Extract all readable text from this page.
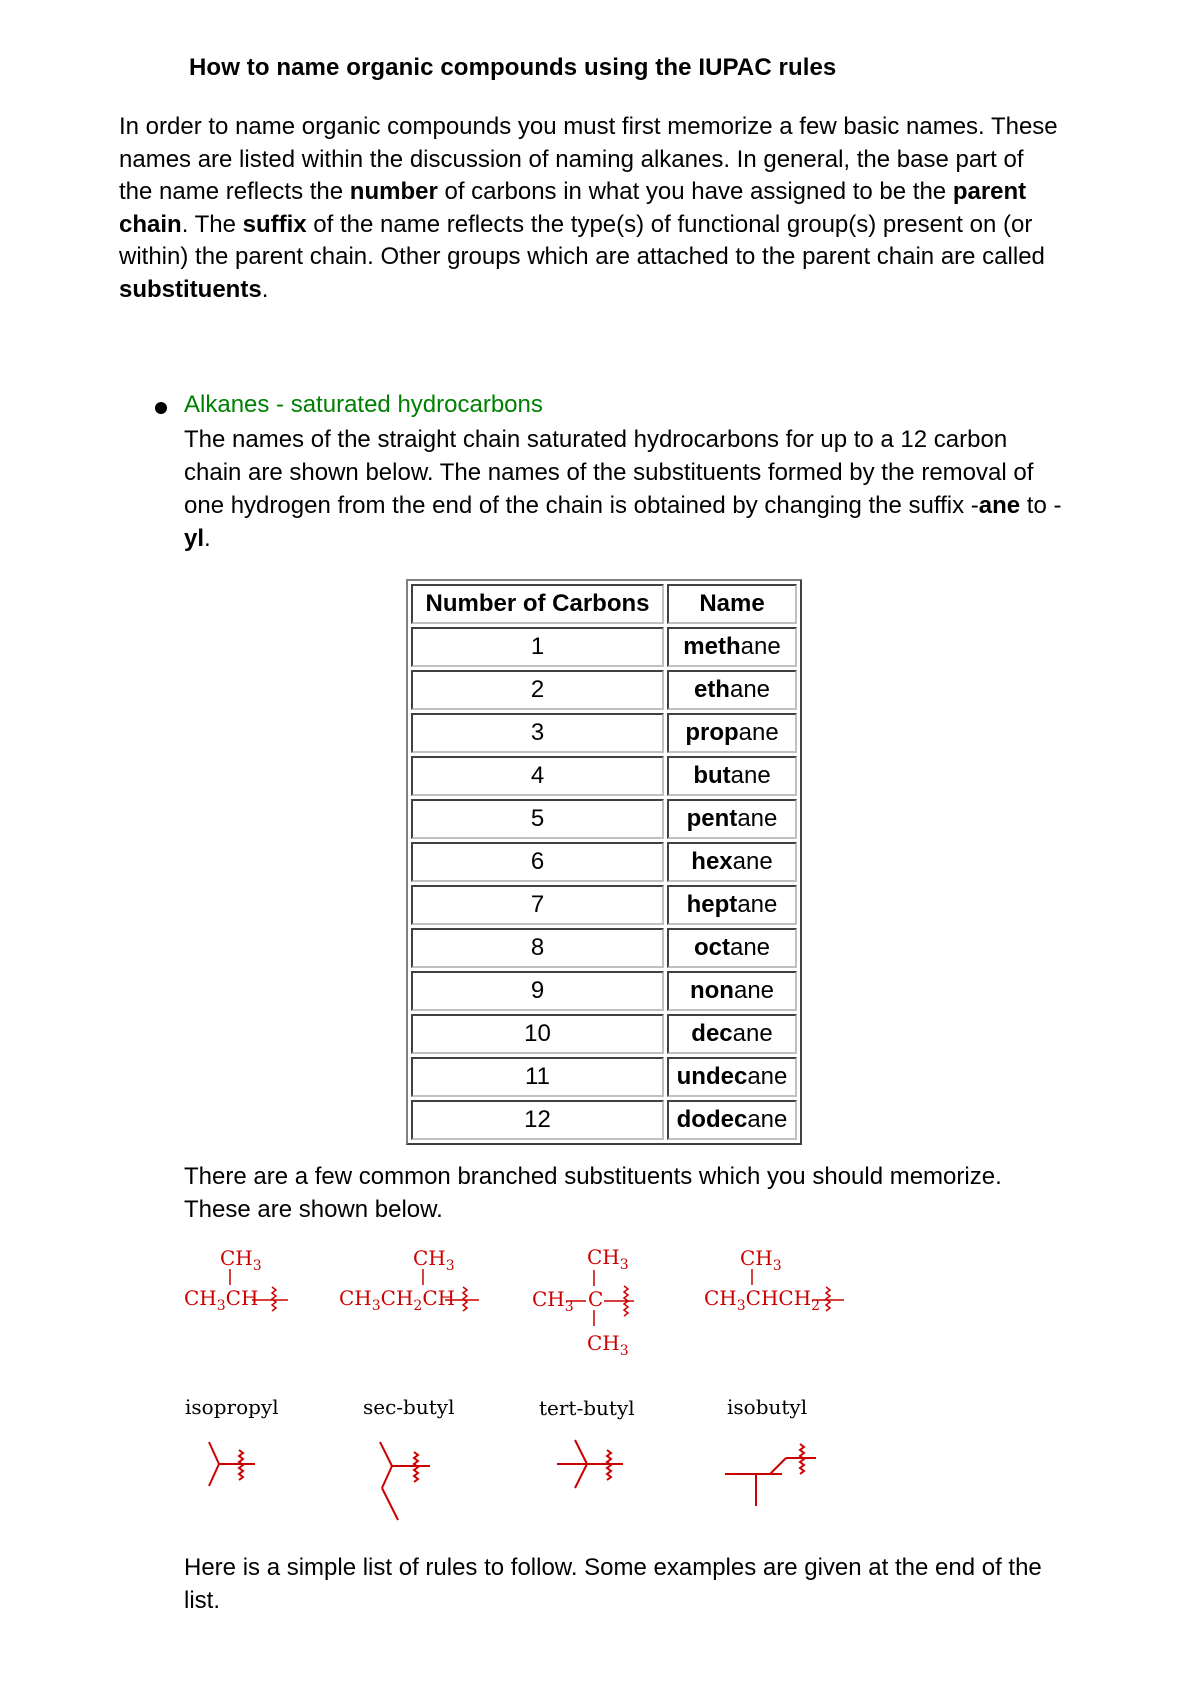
How to name organic compounds using the IUPAC rules
In order to name organic compounds you must first memorize a few basic names. These names are listed within the discussion of naming alkanes. In general, the base part of the name reflects the number of carbons in what you have assigned to be the parent chain. The suffix of the name reflects the type(s) of functional group(s) present on (or within) the parent chain. Other groups which are attached to the parent chain are called substituents.
Alkanes - saturated hydrocarbons
The names of the straight chain saturated hydrocarbons for up to a 12 carbon chain are shown below. The names of the substituents formed by the removal of one hydrogen from the end of the chain is obtained by changing the suffix -ane to -yl.
Number of Carbons	Name
1	methane
2	ethane
3	propane
4	butane
5	pentane
6	hexane
7	heptane
8	octane
9	nonane
10	decane
11	undecane
12	dodecane
There are a few common branched substituents which you should memorize. These are shown below.
$CH_3$
$CH_3CH$
$CH_3$
$CH_3CH_2CH$
$CH_3$
$CH_3$ C
$CH_3$
$CH_3$
$CH_3CHCH_2$
isopropyl	sec-butyl	tert-butyl	isobutyl
Here is a simple list of rules to follow. Some examples are given at the end of the list.
